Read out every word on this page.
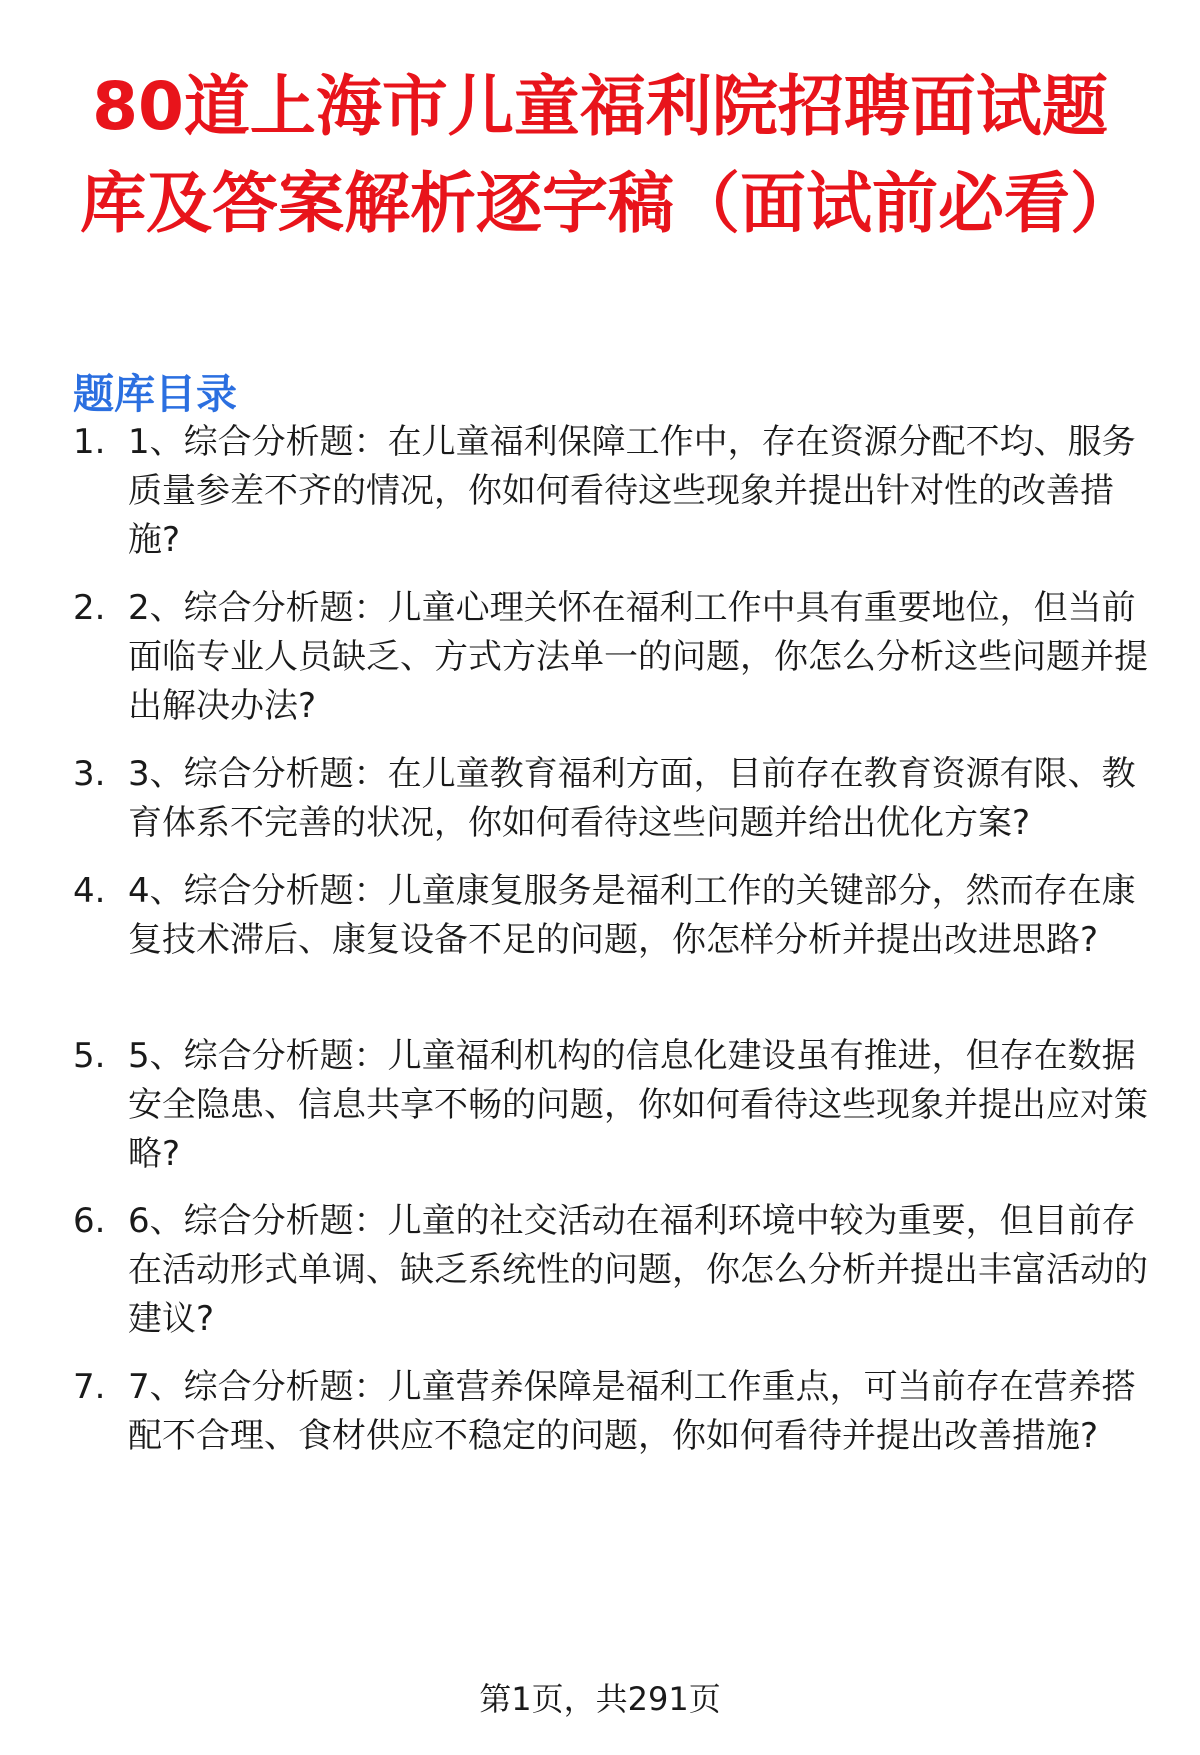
80道上海市儿童福利院招聘面试题库及答案解析逐字稿（面试前必看）
题库目录
1. 1、综合分析题：在儿童福利保障工作中，存在资源分配不均、服务质量参差不齐的情况，你如何看待这些现象并提出针对性的改善措施?

2. 2、综合分析题：儿童心理关怀在福利工作中具有重要地位，但当前面临专业人员缺乏、方式方法单一的问题，你怎么分析这些问题并提出解决办法?

3. 3、综合分析题：在儿童教育福利方面，目前存在教育资源有限、教育体系不完善的状况，你如何看待这些问题并给出优化方案?

4. 4、综合分析题：儿童康复服务是福利工作的关键部分，然而存在康复技术滞后、康复设备不足的问题，你怎样分析并提出改进思路?

5. 5、综合分析题：儿童福利机构的信息化建设虽有推进，但存在数据安全隐患、信息共享不畅的问题，你如何看待这些现象并提出应对策略?

6. 6、综合分析题：儿童的社交活动在福利环境中较为重要，但目前存在活动形式单调、缺乏系统性的问题，你怎么分析并提出丰富活动的建议?

7. 7、综合分析题：儿童营养保障是福利工作重点，可当前存在营养搭配不合理、食材供应不稳定的问题，你如何看待并提出改善措施?

第1页，共291页
